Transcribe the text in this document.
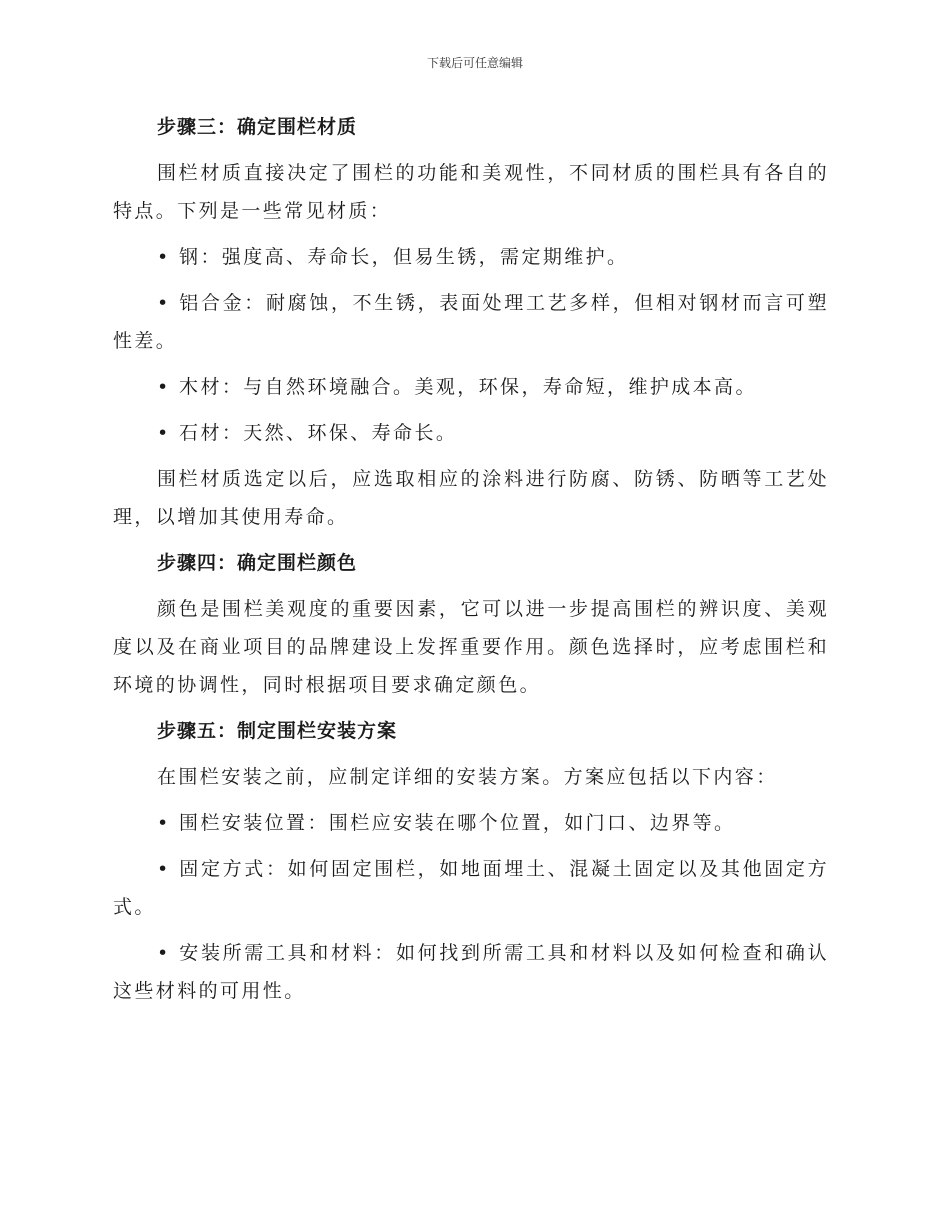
下载后可任意编辑
步骤三：确定围栏材质

围栏材质直接决定了围栏的功能和美观性，不同材质的围栏具有各自的特点。下列是一些常见材质：

• 钢：强度高、寿命长，但易生锈，需定期维护。

• 铝合金：耐腐蚀，不生锈，表面处理工艺多样，但相对钢材而言可塑性差。

• 木材：与自然环境融合。美观，环保，寿命短，维护成本高。

• 石材：天然、环保、寿命长。

围栏材质选定以后，应选取相应的涂料进行防腐、防锈、防晒等工艺处理，以增加其使用寿命。

步骤四：确定围栏颜色

颜色是围栏美观度的重要因素，它可以进一步提高围栏的辨识度、美观度以及在商业项目的品牌建设上发挥重要作用。颜色选择时，应考虑围栏和环境的协调性，同时根据项目要求确定颜色。

步骤五：制定围栏安装方案

在围栏安装之前，应制定详细的安装方案。方案应包括以下内容：

• 围栏安装位置：围栏应安装在哪个位置，如门口、边界等。

• 固定方式：如何固定围栏，如地面埋土、混凝土固定以及其他固定方式。

• 安装所需工具和材料：如何找到所需工具和材料以及如何检查和确认这些材料的可用性。
